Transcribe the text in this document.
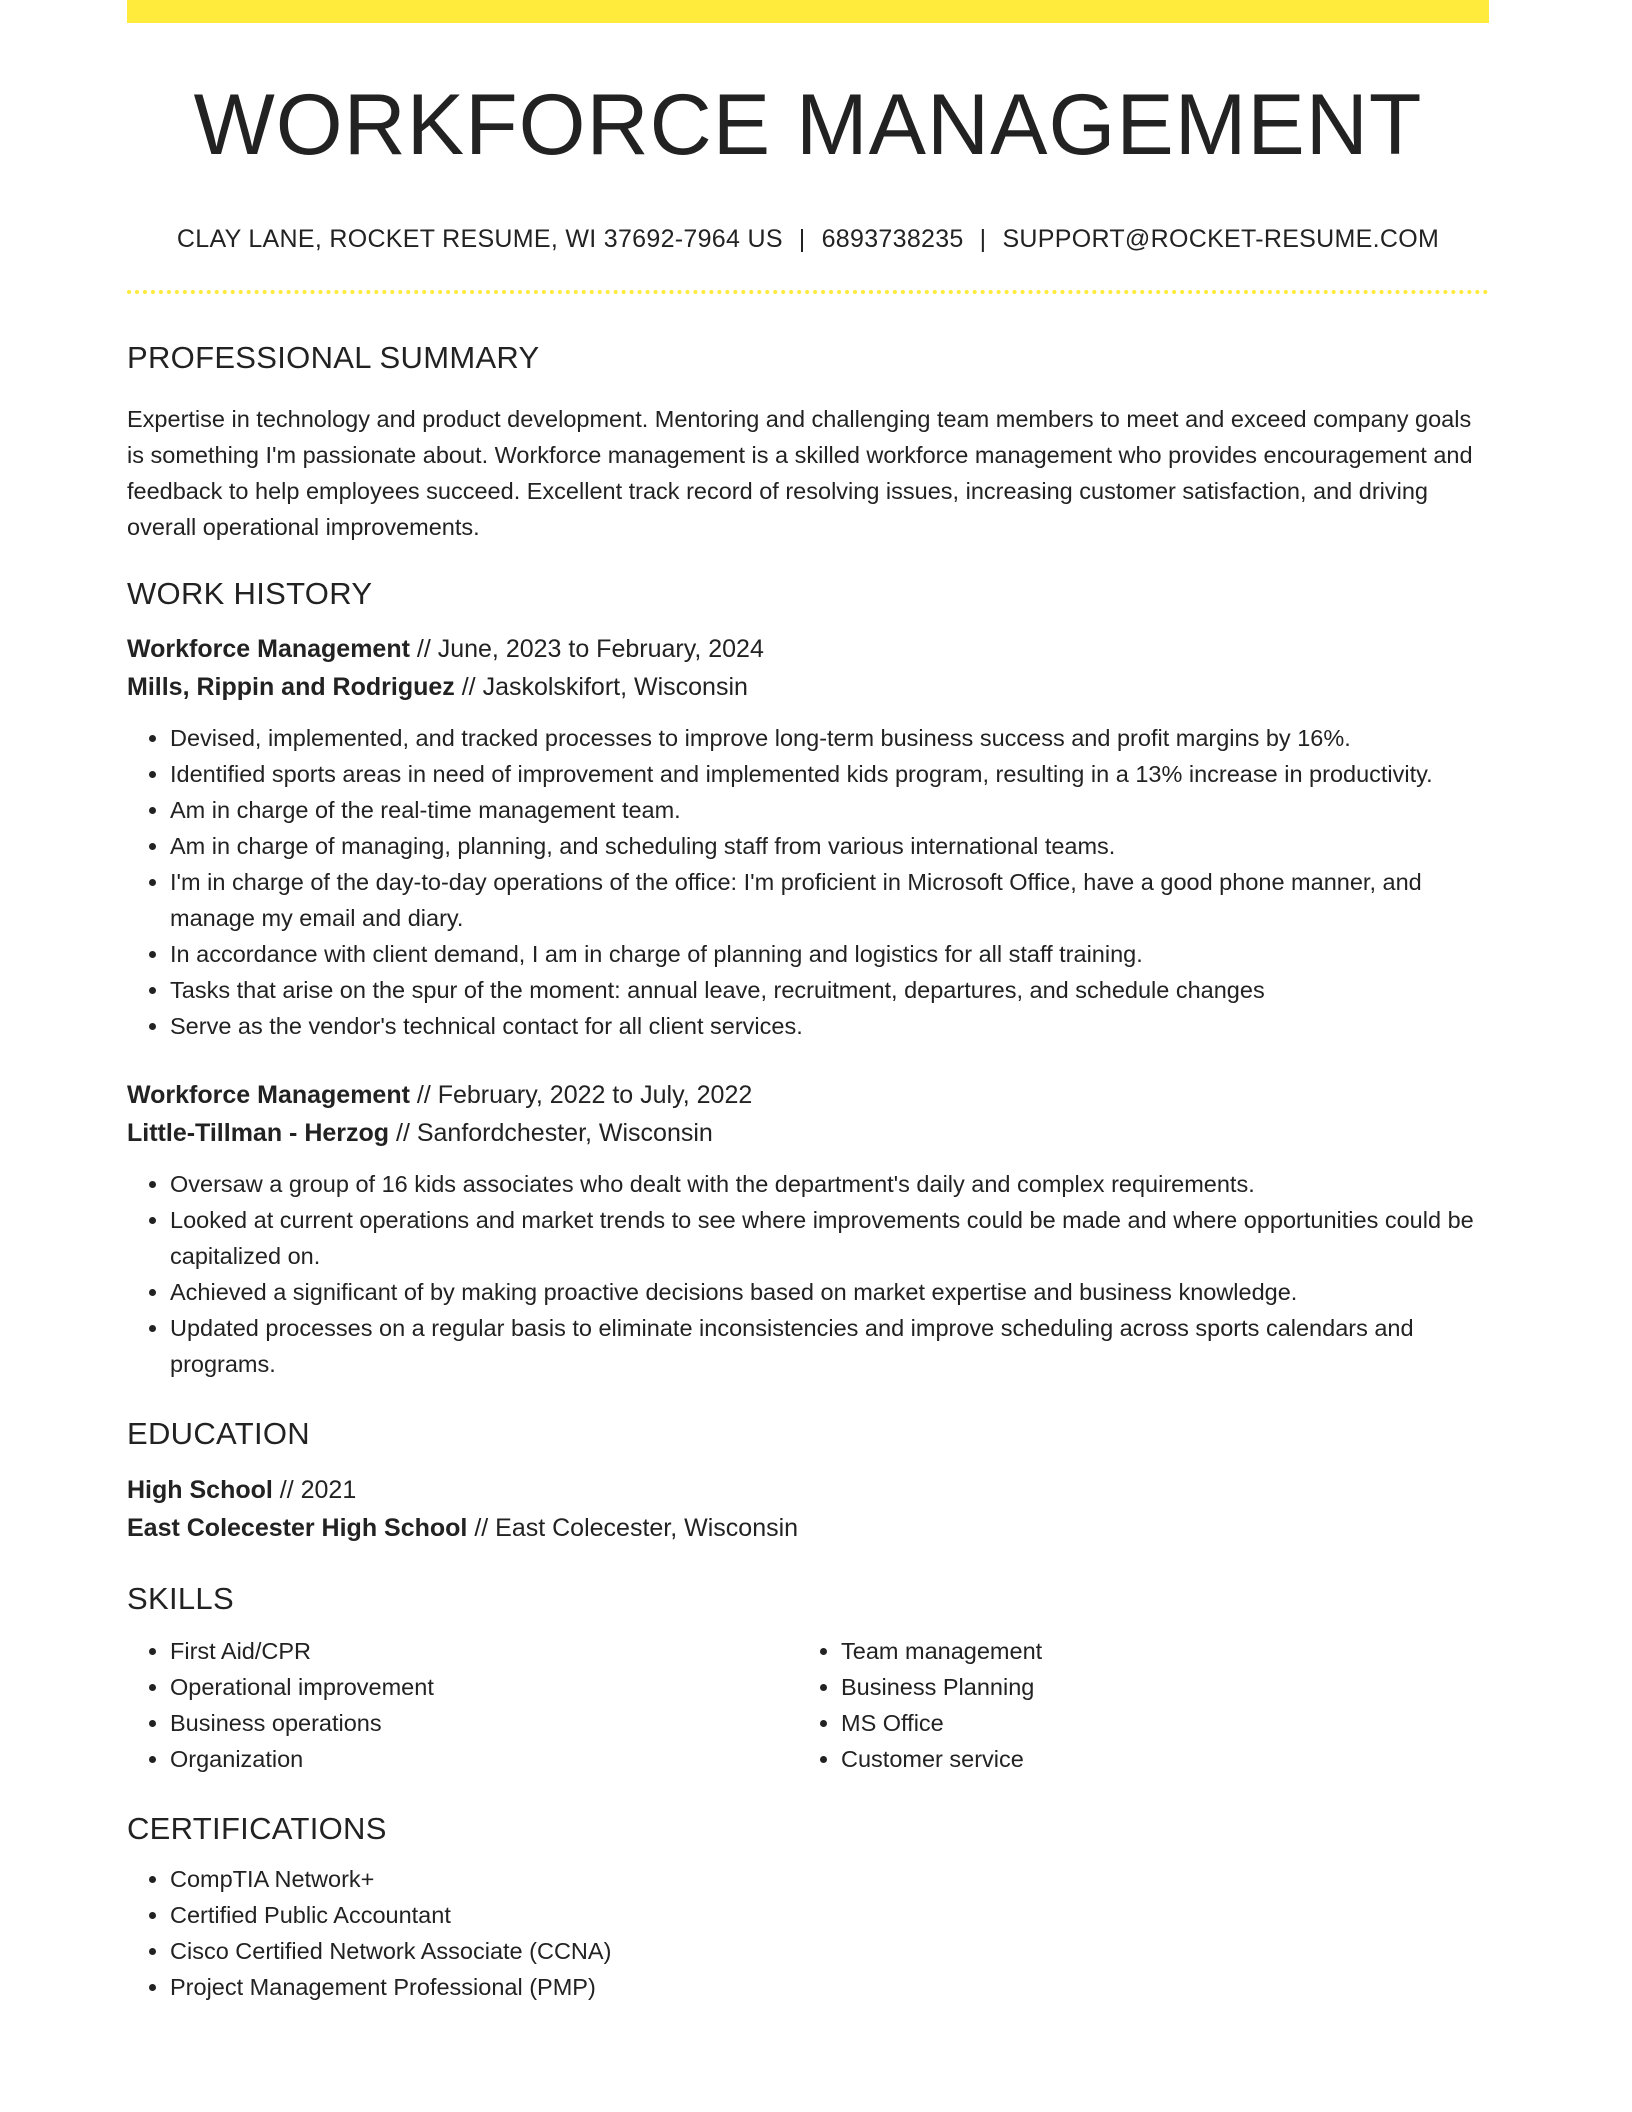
WORKFORCE MANAGEMENT
CLAY LANE, ROCKET RESUME, WI 37692-7964 US | 6893738235 | SUPPORT@ROCKET-RESUME.COM
PROFESSIONAL SUMMARY
Expertise in technology and product development. Mentoring and challenging team members to meet and exceed company goals is something I'm passionate about. Workforce management is a skilled workforce management who provides encouragement and feedback to help employees succeed. Excellent track record of resolving issues, increasing customer satisfaction, and driving overall operational improvements.
WORK HISTORY
Workforce Management // June, 2023 to February, 2024
Mills, Rippin and Rodriguez // Jaskolskifort, Wisconsin
• Devised, implemented, and tracked processes to improve long-term business success and profit margins by 16%.
• Identified sports areas in need of improvement and implemented kids program, resulting in a 13% increase in productivity.
• Am in charge of the real-time management team.
• Am in charge of managing, planning, and scheduling staff from various international teams.
• I'm in charge of the day-to-day operations of the office: I'm proficient in Microsoft Office, have a good phone manner, and manage my email and diary.
• In accordance with client demand, I am in charge of planning and logistics for all staff training.
• Tasks that arise on the spur of the moment: annual leave, recruitment, departures, and schedule changes
• Serve as the vendor's technical contact for all client services.
Workforce Management // February, 2022 to July, 2022
Little-Tillman - Herzog // Sanfordchester, Wisconsin
• Oversaw a group of 16 kids associates who dealt with the department's daily and complex requirements.
• Looked at current operations and market trends to see where improvements could be made and where opportunities could be capitalized on.
• Achieved a significant of by making proactive decisions based on market expertise and business knowledge.
• Updated processes on a regular basis to eliminate inconsistencies and improve scheduling across sports calendars and programs.
EDUCATION
High School // 2021
East Colecester High School // East Colecester, Wisconsin
SKILLS
• First Aid/CPR
• Operational improvement
• Business operations
• Organization
• Team management
• Business Planning
• MS Office
• Customer service
CERTIFICATIONS
• CompTIA Network+
• Certified Public Accountant
• Cisco Certified Network Associate (CCNA)
• Project Management Professional (PMP)
